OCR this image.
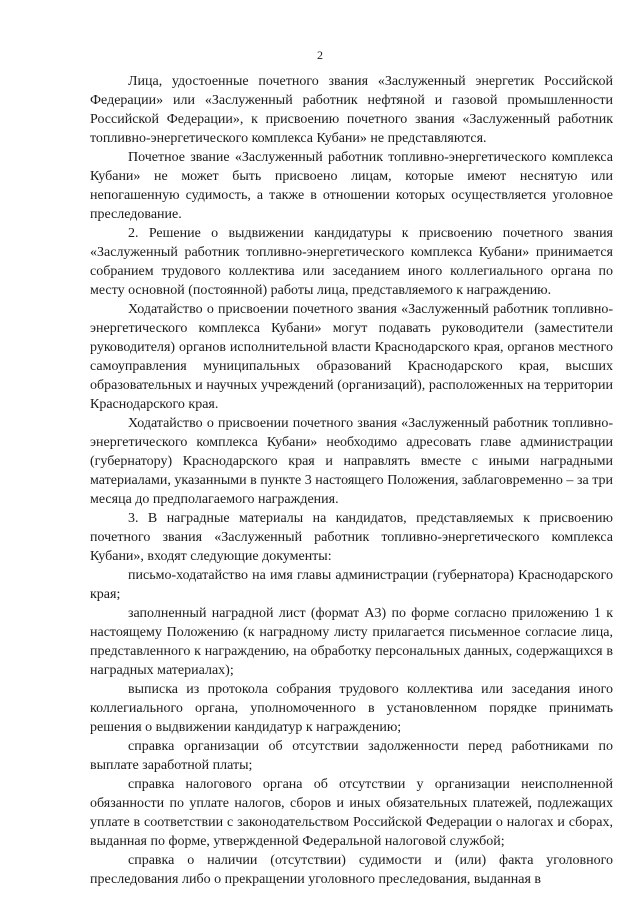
2

Лица, удостоенные почетного звания «Заслуженный энергетик Российской Федерации» или «Заслуженный работник нефтяной и газовой промышленности Российской Федерации», к присвоению почетного звания «Заслуженный работник топливно-энергетического комплекса Кубани» не представляются.

Почетное звание «Заслуженный работник топливно-энергетического комплекса Кубани» не может быть присвоено лицам, которые имеют неснятую или непогашенную судимость, а также в отношении которых осуществляется уголовное преследование.

2. Решение о выдвижении кандидатуры к присвоению почетного звания «Заслуженный работник топливно-энергетического комплекса Кубани» принимается собранием трудового коллектива или заседанием иного коллегиального органа по месту основной (постоянной) работы лица, представляемого к награждению.

Ходатайство о присвоении почетного звания «Заслуженный работник топливно-энергетического комплекса Кубани» могут подавать руководители (заместители руководителя) органов исполнительной власти Краснодарского края, органов местного самоуправления муниципальных образований Краснодарского края, высших образовательных и научных учреждений (организаций), расположенных на территории Краснодарского края.

Ходатайство о присвоении почетного звания «Заслуженный работник топливно-энергетического комплекса Кубани» необходимо адресовать главе администрации (губернатору) Краснодарского края и направлять вместе с иными наградными материалами, указанными в пункте 3 настоящего Положения, заблаговременно – за три месяца до предполагаемого награждения.

3. В наградные материалы на кандидатов, представляемых к присвоению почетного звания «Заслуженный работник топливно-энергетического комплекса Кубани», входят следующие документы:

письмо-ходатайство на имя главы администрации (губернатора) Краснодарского края;

заполненный наградной лист (формат А3) по форме согласно приложению 1 к настоящему Положению (к наградному листу прилагается письменное согласие лица, представленного к награждению, на обработку персональных данных, содержащихся в наградных материалах);

выписка из протокола собрания трудового коллектива или заседания иного коллегиального органа, уполномоченного в установленном порядке принимать решения о выдвижении кандидатур к награждению;

справка организации об отсутствии задолженности перед работниками по выплате заработной платы;

справка налогового органа об отсутствии у организации неисполненной обязанности по уплате налогов, сборов и иных обязательных платежей, подлежащих уплате в соответствии с законодательством Российской Федерации о налогах и сборах, выданная по форме, утвержденной Федеральной налоговой службой;

справка о наличии (отсутствии) судимости и (или) факта уголовного преследования либо о прекращении уголовного преследования, выданная в
